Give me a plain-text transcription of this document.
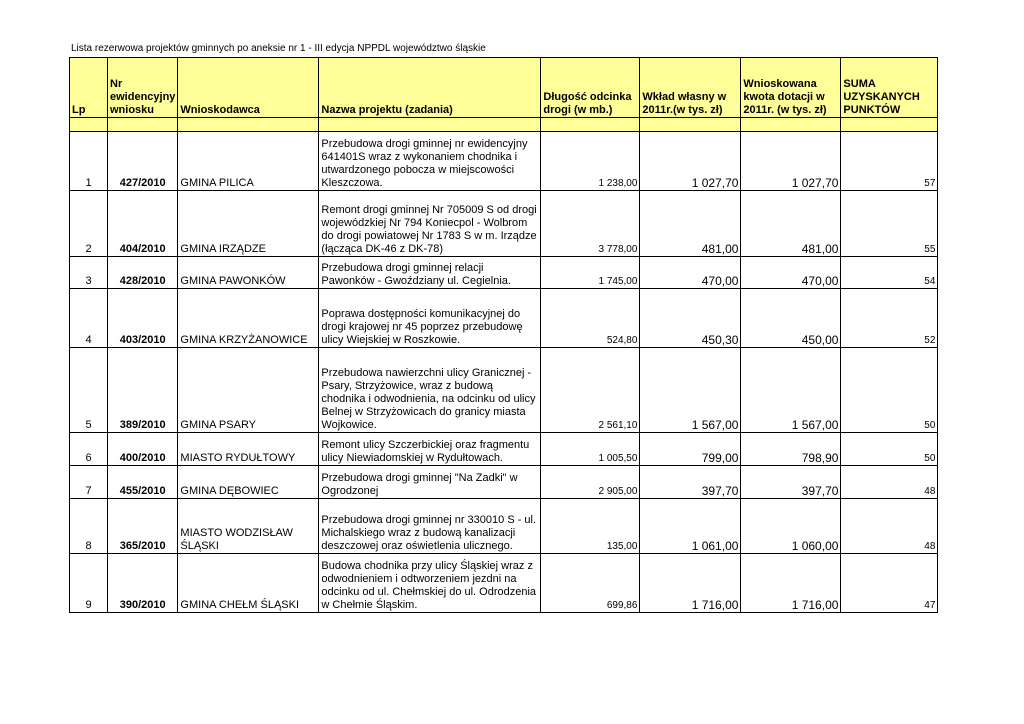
Lista rezerwowa projektów gminnych po aneksie nr 1 - III edycja NPPDL województwo śląskie
Lp	Nr ewidencyjny wniosku	Wnioskodawca	Nazwa projektu (zadania)	Długość odcinka drogi (w mb.)	Wkład własny w 2011r.(w tys. zł)	Wnioskowana kwota dotacji w 2011r. (w tys. zł)	SUMA UZYSKANYCH PUNKTÓW

1	427/2010	GMINA PILICA	Przebudowa drogi gminnej nr ewidencyjny 641401S wraz z wykonaniem chodnika i utwardzonego pobocza w miejscowości Kleszczowa.	1 238,00	1 027,70	1 027,70	57
2	404/2010	GMINA IRZĄDZE	Remont drogi gminnej Nr 705009 S od drogi wojewódzkiej Nr 794 Koniecpol - Wolbrom do drogi powiatowej Nr 1783 S w m. Irządze (łącząca DK-46 z DK-78)	3 778,00	481,00	481,00	55
3	428/2010	GMINA PAWONKÓW	Przebudowa drogi gminnej relacji Pawonków - Gwoździany ul. Cegielnia.	1 745,00	470,00	470,00	54
4	403/2010	GMINA KRZYŻANOWICE	Poprawa dostępności komunikacyjnej do drogi krajowej nr 45 poprzez przebudowę ulicy Wiejskiej w Roszkowie.	524,80	450,30	450,00	52
5	389/2010	GMINA PSARY	Przebudowa nawierzchni ulicy Granicznej - Psary, Strzyżowice, wraz z budową chodnika i odwodnienia, na odcinku od ulicy Belnej w Strzyżowicach do granicy miasta Wojkowice.	2 561,10	1 567,00	1 567,00	50
6	400/2010	MIASTO RYDUŁTOWY	Remont ulicy Szczerbickiej oraz fragmentu ulicy Niewiadomskiej w Rydułtowach.	1 005,50	799,00	798,90	50
7	455/2010	GMINA DĘBOWIEC	Przebudowa drogi gminnej "Na Zadki" w Ogrodzonej	2 905,00	397,70	397,70	48
8	365/2010	MIASTO WODZISŁAW ŚLĄSKI	Przebudowa drogi gminnej nr 330010 S - ul. Michalskiego wraz z budową kanalizacji deszczowej oraz oświetlenia ulicznego.	135,00	1 061,00	1 060,00	48
9	390/2010	GMINA CHEŁM ŚLĄSKI	Budowa chodnika przy ulicy Śląskiej wraz z odwodnieniem i odtworzeniem jezdni na odcinku od ul. Chełmskiej do ul. Odrodzenia w Chełmie Śląskim.	699,86	1 716,00	1 716,00	47
